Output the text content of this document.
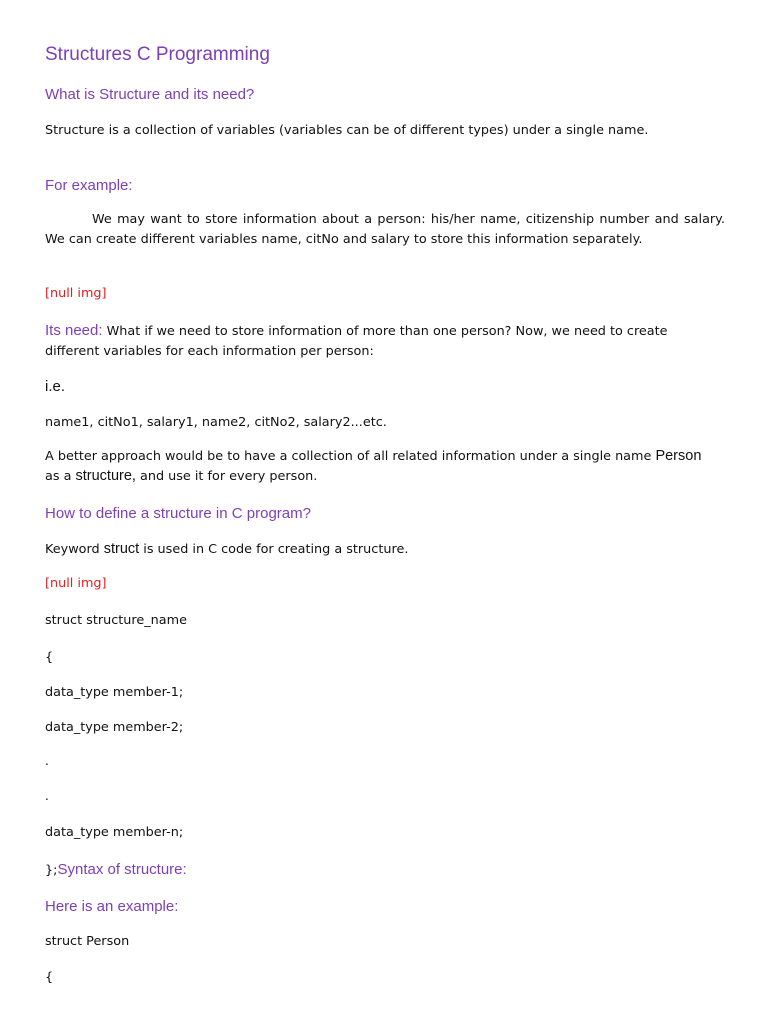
Structures C Programming
What is Structure and its need?
Structure is a collection of variables (variables can be of different types) under a single name.
For example:
We may want to store information about a person: his/her name, citizenship number and salary. We can create different variables name, citNo and salary to store this information separately.
[null img]
Its need: What if we need to store information of more than one person? Now, we need to create different variables for each information per person:
i.e.
name1, citNo1, salary1, name2, citNo2, salary2...etc.
A better approach would be to have a collection of all related information under a single name Person as a structure, and use it for every person.
How to define a structure in C program?
Keyword struct is used in C code for creating a structure.
[null img]
struct structure_name
{
data_type member-1;
data_type member-2;
.
.
data_type member-n;
};Syntax of structure:
Here is an example:
struct Person
{
